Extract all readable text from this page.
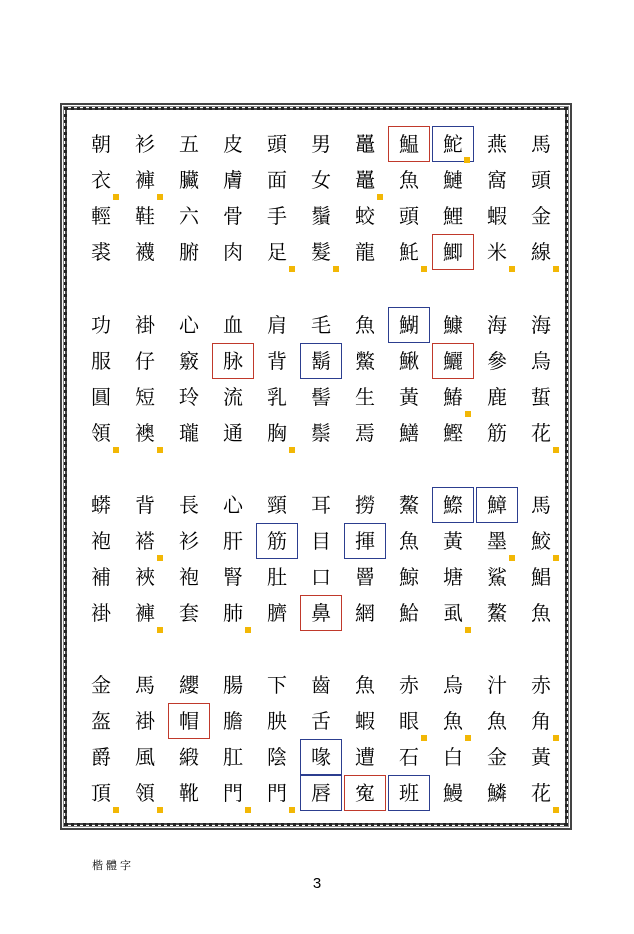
朝
衣
輕
裘
衫
褲
鞋
襪
五
臟
六
腑
皮
膚
骨
肉
頭
面
手
足
男
女
鬚
髮
鼉
鼉
蛟
龍
鰛
魚
頭
魠
鮀
鰱
鯉
鯽
燕
窩
蝦
米
馬
頭
金
線
功
服
圓
領
褂
仔
短
襖
心
竅
玲
瓏
血
脉
流
通
肩
背
乳
胸
毛
鬍
髻
鬃
魚
鱉
生
焉
鰗
鰍
黃
鱔
鱇
鱺
鰆
鰹
海
參
鹿
筋
海
烏
蜇
花
蟒
袍
補
褂
背
褡
裌
褲
長
衫
袍
套
心
肝
腎
肺
頸
筋
肚
臍
耳
目
口
鼻
撈
揮
罾
網
鰲
魚
鯨
鮯
鰶
黃
塘
虱
鱆
墨
鯊
鰲
馬
鮫
鯧
魚
金
盔
爵
頂
馬
褂
風
領
纓
帽
緞
靴
腸
膽
肛
門
下
胦
陰
門
齒
舌
喙
唇
魚
蝦
遭
寃
赤
眼
石
班
烏
魚
白
鰻
汁
魚
金
鱗
赤
角
黃
花
楷體字
3
